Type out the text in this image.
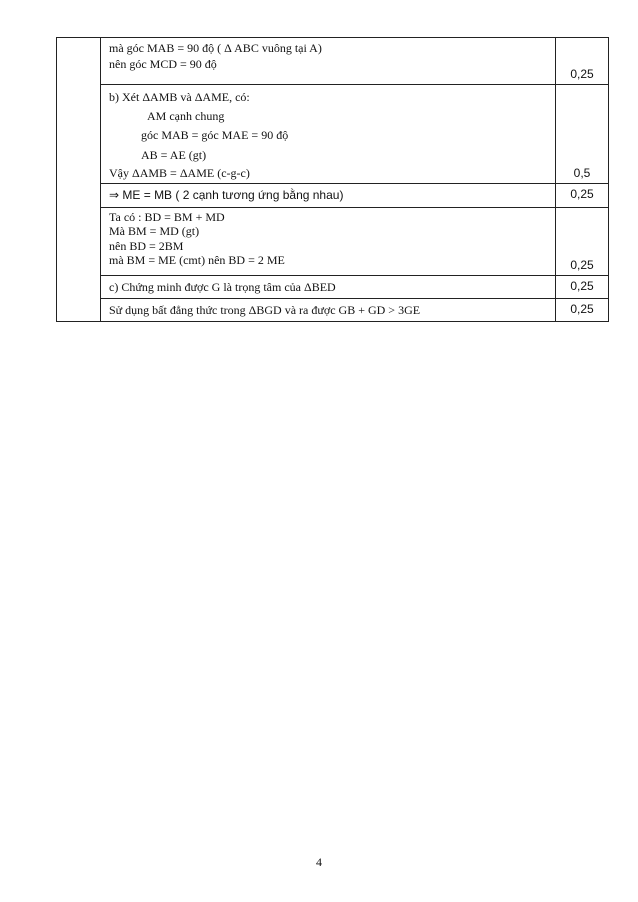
	mà góc MAB = 90 độ ( Δ ABC vuông tại A)
nên góc MCD = 90 độ	0,25

	b) Xét ΔAMB và ΔAME, có:
AM cạnh chung
góc MAB = góc MAE = 90 độ
AB = AE (gt)
Vậy ΔAMB = ΔAME (c-g-c)	0,5

	⇒ ME = MB ( 2 cạnh tương ứng bằng nhau)	0,25

	Ta có : BD = BM + MD
Mà BM = MD (gt)
nên BD = 2BM
mà BM = ME (cmt) nên BD = 2 ME	0,25

	c) Chứng minh được G là trọng tâm của ΔBED	0,25

	Sử dụng bất đẳng thức trong ΔBGD và ra được GB + GD > 3GE	0,25
4
